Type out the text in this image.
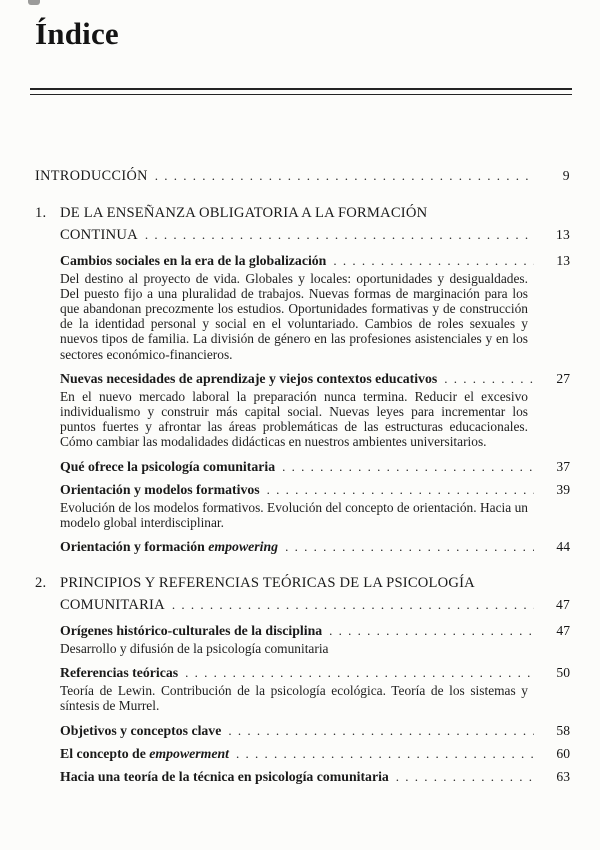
Índice
INTRODUCCIÓN . . .	9
1. DE LA ENSEÑANZA OBLIGATORIA A LA FORMACIÓN
CONTINUA . . .	13
Cambios sociales en la era de la globalización . . .	13
Del destino al proyecto de vida. Globales y locales: oportunidades y desigualdades. Del puesto fijo a una pluralidad de trabajos. Nuevas formas de marginación para los que abandonan precozmente los estudios. Oportunidades formativas y de construcción de la identidad personal y social en el voluntariado. Cambios de roles sexuales y nuevos tipos de familia. La división de género en las profesiones asistenciales y en los sectores económico-financieros.
Nuevas necesidades de aprendizaje y viejos contextos educativos . . .	27
En el nuevo mercado laboral la preparación nunca termina. Reducir el excesivo individualismo y construir más capital social. Nuevas leyes para incrementar los puntos fuertes y afrontar las áreas problemáticas de las estructuras educacionales. Cómo cambiar las modalidades didácticas en nuestros ambientes universitarios.
Qué ofrece la psicología comunitaria . . .	37
Orientación y modelos formativos . . .	39
Evolución de los modelos formativos. Evolución del concepto de orientación. Hacia un modelo global interdisciplinar.
Orientación y formación empowering . . .	44
2. PRINCIPIOS Y REFERENCIAS TEÓRICAS DE LA PSICOLOGÍA
COMUNITARIA . . .	47
Orígenes histórico-culturales de la disciplina . . .	47
Desarrollo y difusión de la psicología comunitaria
Referencias teóricas . . .	50
Teoría de Lewin. Contribución de la psicología ecológica. Teoría de los sistemas y síntesis de Murrel.
Objetivos y conceptos clave . . .	58
El concepto de empowerment . . .	60
Hacia una teoría de la técnica en psicología comunitaria . . .	63
